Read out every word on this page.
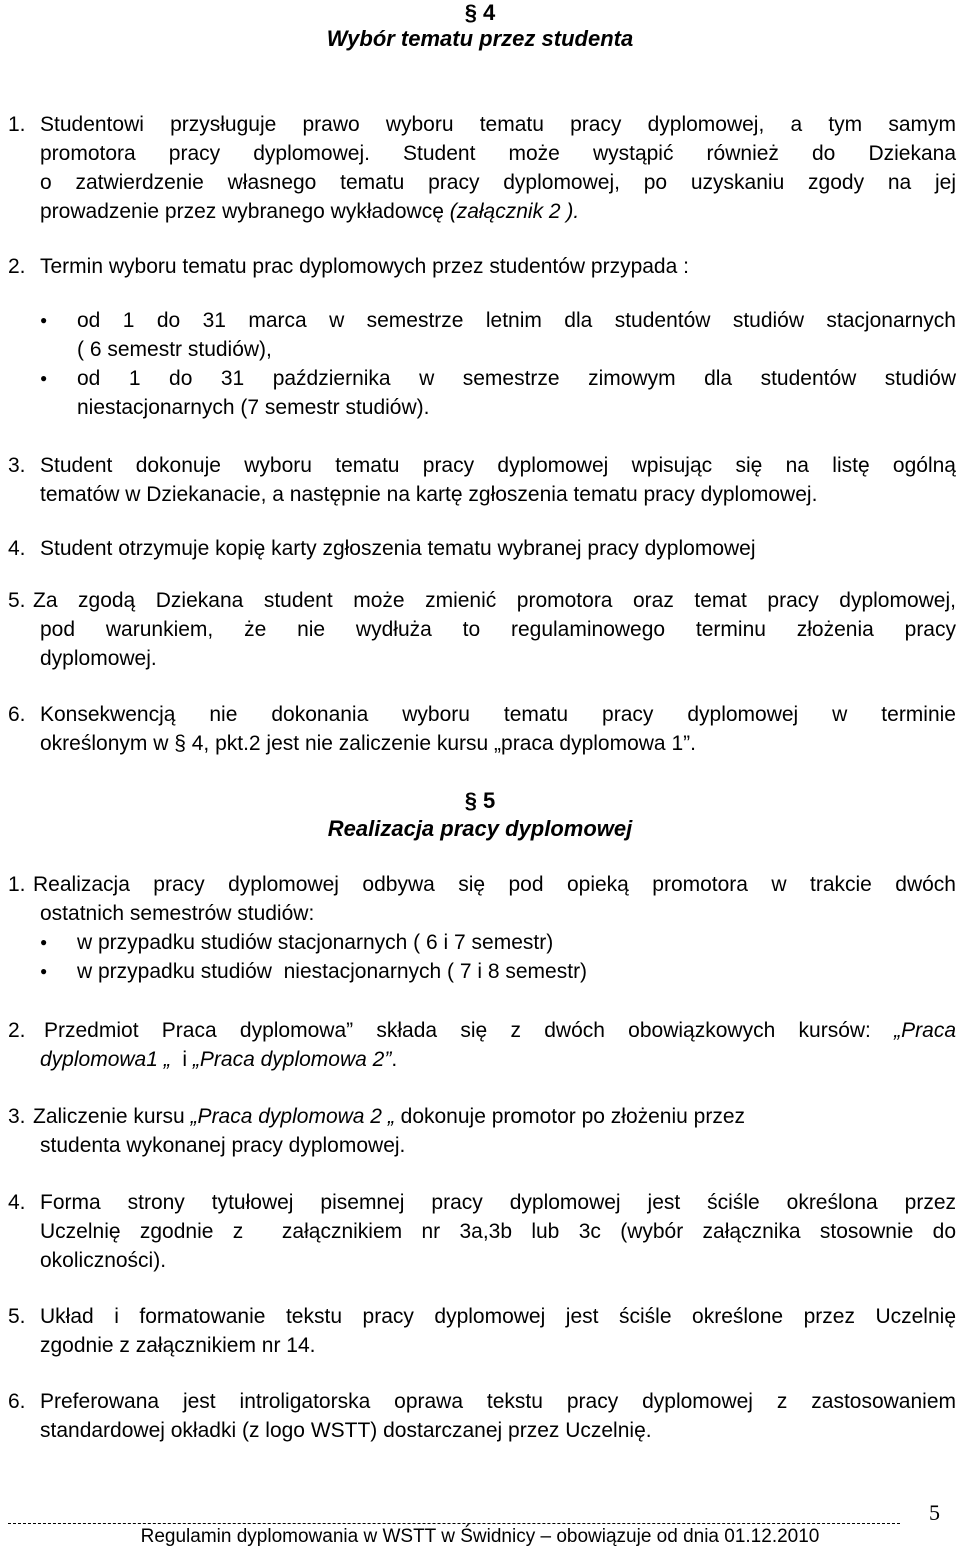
§ 4
Wybór tematu przez studenta
1. Studentowi przysługuje prawo wyboru tematu pracy dyplomowej, a tym samym
promotora pracy dyplomowej. Student może wystąpić również do Dziekana
o zatwierdzenie własnego tematu pracy dyplomowej, po uzyskaniu zgody na jej
prowadzenie przez wybranego wykładowcę (załącznik 2 ).
2. Termin wyboru tematu prac dyplomowych przez studentów przypada :
● od 1 do 31 marca w semestrze letnim dla studentów studiów stacjonarnych
( 6 semestr studiów),
● od 1 do 31 października w semestrze zimowym dla studentów studiów
niestacjonarnych (7 semestr studiów).
3. Student dokonuje wyboru tematu pracy dyplomowej wpisując się na listę ogólną
tematów w Dziekanacie, a następnie na kartę zgłoszenia tematu pracy dyplomowej.
4. Student otrzymuje kopię karty zgłoszenia tematu wybranej pracy dyplomowej
5. Za zgodą Dziekana student może zmienić promotora oraz temat pracy dyplomowej,
pod warunkiem, że nie wydłuża to regulaminowego terminu złożenia pracy
dyplomowej.
6. Konsekwencją nie dokonania wyboru tematu pracy dyplomowej w terminie
określonym w § 4, pkt.2 jest nie zaliczenie kursu „praca dyplomowa 1”.
§ 5
Realizacja pracy dyplomowej
1. Realizacja pracy dyplomowej odbywa się pod opieką promotora w trakcie dwóch
ostatnich semestrów studiów:
● w przypadku studiów stacjonarnych ( 6 i 7 semestr)
● w przypadku studiów  niestacjonarnych ( 7 i 8 semestr)
2. Przedmiot Praca dyplomowa” składa się z dwóch obowiązkowych kursów: „Praca
dyplomowa1 „  i „Praca dyplomowa 2”.
3. Zaliczenie kursu „Praca dyplomowa 2 „ dokonuje promotor po złożeniu przez
studenta wykonanej pracy dyplomowej.
4. Forma strony tytułowej pisemnej pracy dyplomowej jest ściśle określona przez
Uczelnię zgodnie z  załącznikiem nr 3a,3b lub 3c (wybór załącznika stosownie do
okoliczności).
5. Układ i formatowanie tekstu pracy dyplomowej jest ściśle określone przez Uczelnię
zgodnie z załącznikiem nr 14.
6. Preferowana jest introligatorska oprawa tekstu pracy dyplomowej z zastosowaniem
standardowej okładki (z logo WSTT) dostarczanej przez Uczelnię.
5
Regulamin dyplomowania w WSTT w Świdnicy – obowiązuje od dnia 01.12.2010
